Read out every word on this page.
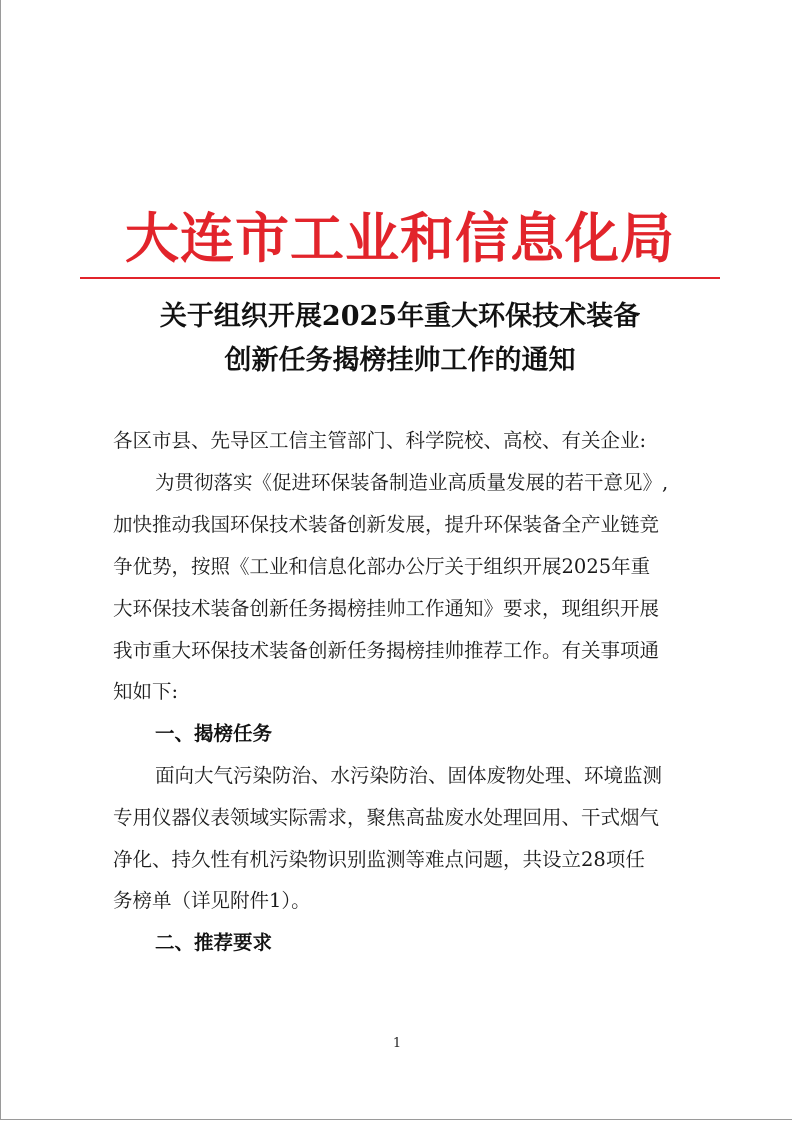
大连市工业和信息化局
关于组织开展2025年重大环保技术装备
创新任务揭榜挂帅工作的通知
各区市县、先导区工信主管部门、科学院校、高校、有关企业:
为贯彻落实《促进环保装备制造业高质量发展的若干意见》,
加快推动我国环保技术装备创新发展，提升环保装备全产业链竞
争优势，按照《工业和信息化部办公厅关于组织开展2025年重
大环保技术装备创新任务揭榜挂帅工作通知》要求，现组织开展
我市重大环保技术装备创新任务揭榜挂帅推荐工作。有关事项通
知如下:
一、揭榜任务
面向大气污染防治、水污染防治、固体废物处理、环境监测
专用仪器仪表领域实际需求，聚焦高盐废水处理回用、干式烟气
净化、持久性有机污染物识别监测等难点问题，共设立28项任
务榜单（详见附件1）。
二、推荐要求
1
